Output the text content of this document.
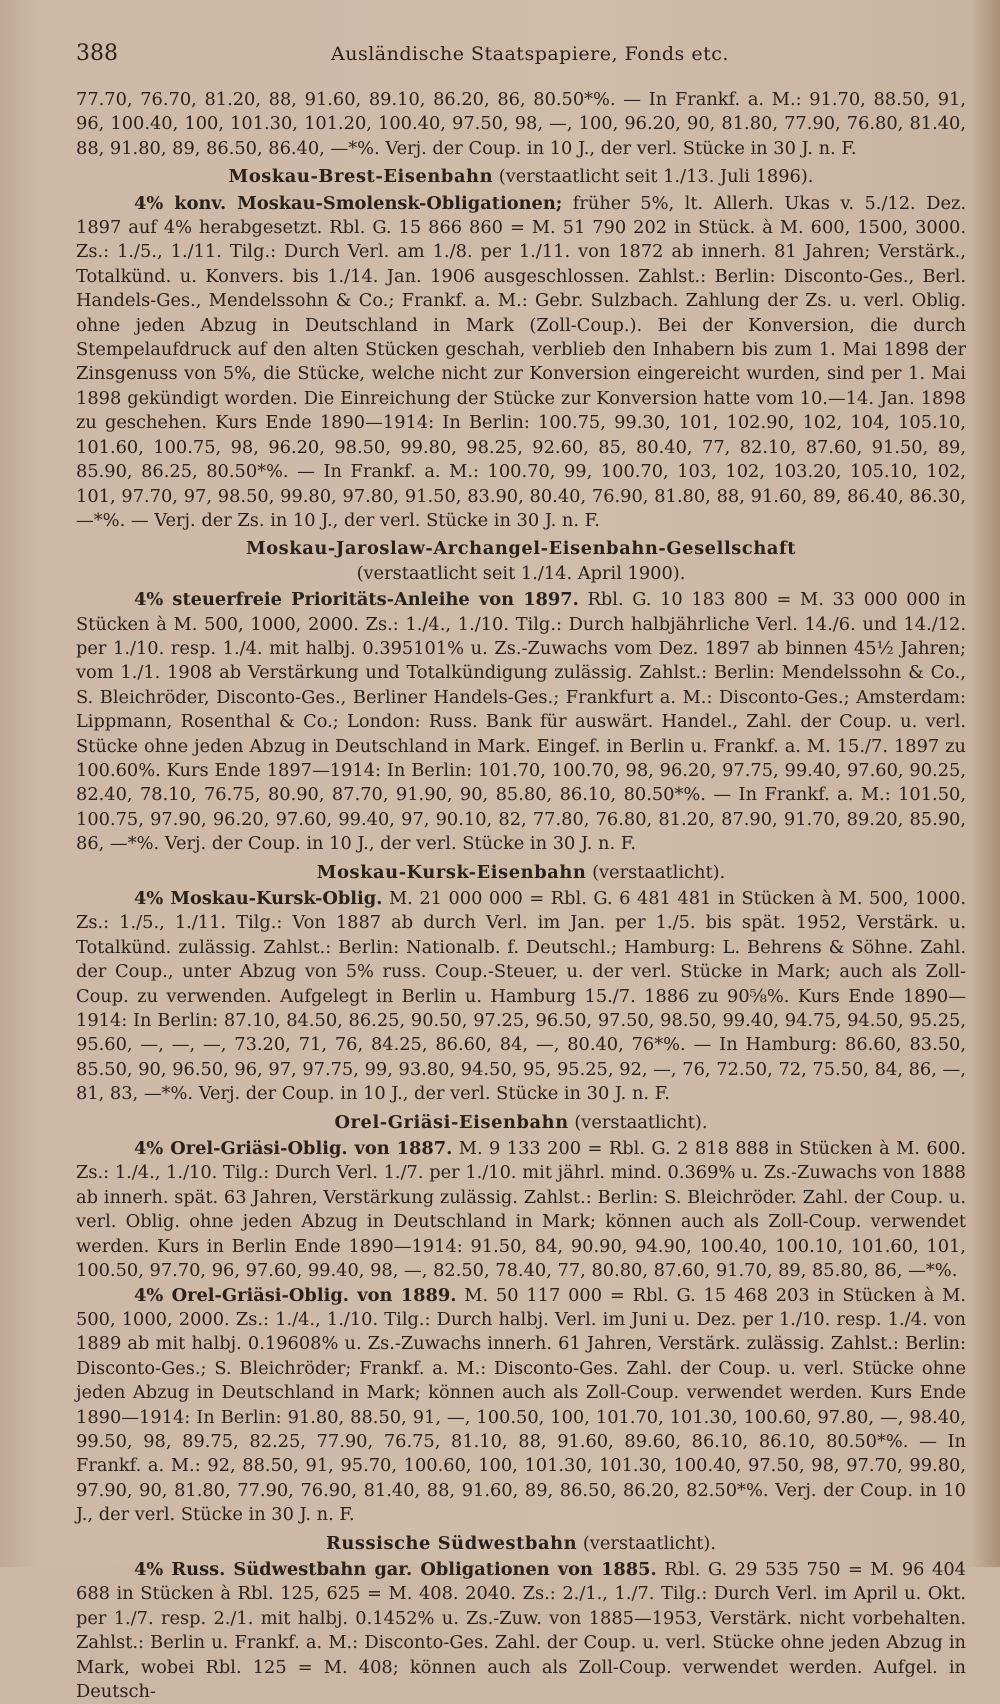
388	Ausländische Staatspapiere, Fonds etc.

77.70, 76.70, 81.20, 88, 91.60, 89.10, 86.20, 86, 80.50*%. — In Frankf. a. M.: 91.70, 88.50, 91, 96, 100.40, 100, 101.30, 101.20, 100.40, 97.50, 98, —, 100, 96.20, 90, 81.80, 77.90, 76.80, 81.40, 88, 91.80, 89, 86.50, 86.40, —*%. Verj. der Coup. in 10 J., der verl. Stücke in 30 J. n. F.

Moskau-Brest-Eisenbahn (verstaatlicht seit 1./13. Juli 1896).

4% konv. Moskau-Smolensk-Obligationen; früher 5%, lt. Allerh. Ukas v. 5./12. Dez. 1897 auf 4% herabgesetzt. Rbl. G. 15 866 860 = M. 51 790 202 in Stück. à M. 600, 1500, 3000. Zs.: 1./5., 1./11. Tilg.: Durch Verl. am 1./8. per 1./11. von 1872 ab innerh. 81 Jahren; Verstärk., Totalkünd. u. Konvers. bis 1./14. Jan. 1906 ausgeschlossen. Zahlst.: Berlin: Disconto-Ges., Berl. Handels-Ges., Mendelssohn & Co.; Frankf. a. M.: Gebr. Sulzbach. Zahlung der Zs. u. verl. Oblig. ohne jeden Abzug in Deutschland in Mark (Zoll-Coup.). Bei der Konversion, die durch Stempelaufdruck auf den alten Stücken geschah, verblieb den Inhabern bis zum 1. Mai 1898 der Zinsgenuss von 5%, die Stücke, welche nicht zur Konversion eingereicht wurden, sind per 1. Mai 1898 gekündigt worden. Die Einreichung der Stücke zur Konversion hatte vom 10.—14. Jan. 1898 zu geschehen. Kurs Ende 1890—1914: In Berlin: 100.75, 99.30, 101, 102.90, 102, 104, 105.10, 101.60, 100.75, 98, 96.20, 98.50, 99.80, 98.25, 92.60, 85, 80.40, 77, 82.10, 87.60, 91.50, 89, 85.90, 86.25, 80.50*%. — In Frankf. a. M.: 100.70, 99, 100.70, 103, 102, 103.20, 105.10, 102, 101, 97.70, 97, 98.50, 99.80, 97.80, 91.50, 83.90, 80.40, 76.90, 81.80, 88, 91.60, 89, 86.40, 86.30, —*%. — Verj. der Zs. in 10 J., der verl. Stücke in 30 J. n. F.

Moskau-Jaroslaw-Archangel-Eisenbahn-Gesellschaft
(verstaatlicht seit 1./14. April 1900).

4% steuerfreie Prioritäts-Anleihe von 1897. Rbl. G. 10 183 800 = M. 33 000 000 in Stücken à M. 500, 1000, 2000. Zs.: 1./4., 1./10. Tilg.: Durch halbjährliche Verl. 14./6. und 14./12. per 1./10. resp. 1./4. mit halbj. 0.395101% u. Zs.-Zuwachs vom Dez. 1897 ab binnen 45½ Jahren; vom 1./1. 1908 ab Verstärkung und Totalkündigung zulässig. Zahlst.: Berlin: Mendelssohn & Co., S. Bleichröder, Disconto-Ges., Berliner Handels-Ges.; Frankfurt a. M.: Disconto-Ges.; Amsterdam: Lippmann, Rosenthal & Co.; London: Russ. Bank für auswärt. Handel., Zahl. der Coup. u. verl. Stücke ohne jeden Abzug in Deutschland in Mark. Eingef. in Berlin u. Frankf. a. M. 15./7. 1897 zu 100.60%. Kurs Ende 1897—1914: In Berlin: 101.70, 100.70, 98, 96.20, 97.75, 99.40, 97.60, 90.25, 82.40, 78.10, 76.75, 80.90, 87.70, 91.90, 90, 85.80, 86.10, 80.50*%. — In Frankf. a. M.: 101.50, 100.75, 97.90, 96.20, 97.60, 99.40, 97, 90.10, 82, 77.80, 76.80, 81.20, 87.90, 91.70, 89.20, 85.90, 86, —*%. Verj. der Coup. in 10 J., der verl. Stücke in 30 J. n. F.

Moskau-Kursk-Eisenbahn (verstaatlicht).

4% Moskau-Kursk-Oblig. M. 21 000 000 = Rbl. G. 6 481 481 in Stücken à M. 500, 1000. Zs.: 1./5., 1./11. Tilg.: Von 1887 ab durch Verl. im Jan. per 1./5. bis spät. 1952, Verstärk. u. Totalkünd. zulässig. Zahlst.: Berlin: Nationalb. f. Deutschl.; Hamburg: L. Behrens & Söhne. Zahl. der Coup., unter Abzug von 5% russ. Coup.-Steuer, u. der verl. Stücke in Mark; auch als Zoll-Coup. zu verwenden. Aufgelegt in Berlin u. Hamburg 15./7. 1886 zu 90⅝%. Kurs Ende 1890—1914: In Berlin: 87.10, 84.50, 86.25, 90.50, 97.25, 96.50, 97.50, 98.50, 99.40, 94.75, 94.50, 95.25, 95.60, —, —, —, 73.20, 71, 76, 84.25, 86.60, 84, —, 80.40, 76*%. — In Hamburg: 86.60, 83.50, 85.50, 90, 96.50, 96, 97, 97.75, 99, 93.80, 94.50, 95, 95.25, 92, —, 76, 72.50, 72, 75.50, 84, 86, —, 81, 83, —*%. Verj. der Coup. in 10 J., der verl. Stücke in 30 J. n. F.

Orel-Griäsi-Eisenbahn (verstaatlicht).

4% Orel-Griäsi-Oblig. von 1887. M. 9 133 200 = Rbl. G. 2 818 888 in Stücken à M. 600. Zs.: 1./4., 1./10. Tilg.: Durch Verl. 1./7. per 1./10. mit jährl. mind. 0.369% u. Zs.-Zuwachs von 1888 ab innerh. spät. 63 Jahren, Verstärkung zulässig. Zahlst.: Berlin: S. Bleichröder. Zahl. der Coup. u. verl. Oblig. ohne jeden Abzug in Deutschland in Mark; können auch als Zoll-Coup. verwendet werden. Kurs in Berlin Ende 1890—1914: 91.50, 84, 90.90, 94.90, 100.40, 100.10, 101.60, 101, 100.50, 97.70, 96, 97.60, 99.40, 98, —, 82.50, 78.40, 77, 80.80, 87.60, 91.70, 89, 85.80, 86, —*%.

4% Orel-Griäsi-Oblig. von 1889. M. 50 117 000 = Rbl. G. 15 468 203 in Stücken à M. 500, 1000, 2000. Zs.: 1./4., 1./10. Tilg.: Durch halbj. Verl. im Juni u. Dez. per 1./10. resp. 1./4. von 1889 ab mit halbj. 0.19608% u. Zs.-Zuwachs innerh. 61 Jahren, Verstärk. zulässig. Zahlst.: Berlin: Disconto-Ges.; S. Bleichröder; Frankf. a. M.: Disconto-Ges. Zahl. der Coup. u. verl. Stücke ohne jeden Abzug in Deutschland in Mark; können auch als Zoll-Coup. verwendet werden. Kurs Ende 1890—1914: In Berlin: 91.80, 88.50, 91, —, 100.50, 100, 101.70, 101.30, 100.60, 97.80, —, 98.40, 99.50, 98, 89.75, 82.25, 77.90, 76.75, 81.10, 88, 91.60, 89.60, 86.10, 86.10, 80.50*%. — In Frankf. a. M.: 92, 88.50, 91, 95.70, 100.60, 100, 101.30, 101.30, 100.40, 97.50, 98, 97.70, 99.80, 97.90, 90, 81.80, 77.90, 76.90, 81.40, 88, 91.60, 89, 86.50, 86.20, 82.50*%. Verj. der Coup. in 10 J., der verl. Stücke in 30 J. n. F.

Russische Südwestbahn (verstaatlicht).

4% Russ. Südwestbahn gar. Obligationen von 1885. Rbl. G. 29 535 750 = M. 96 404 688 in Stücken à Rbl. 125, 625 = M. 408. 2040. Zs.: 2./1., 1./7. Tilg.: Durch Verl. im April u. Okt. per 1./7. resp. 2./1. mit halbj. 0.1452% u. Zs.-Zuw. von 1885—1953, Verstärk. nicht vorbehalten. Zahlst.: Berlin u. Frankf. a. M.: Disconto-Ges. Zahl. der Coup. u. verl. Stücke ohne jeden Abzug in Mark, wobei Rbl. 125 = M. 408; können auch als Zoll-Coup. verwendet werden. Aufgel. in Deutsch-
